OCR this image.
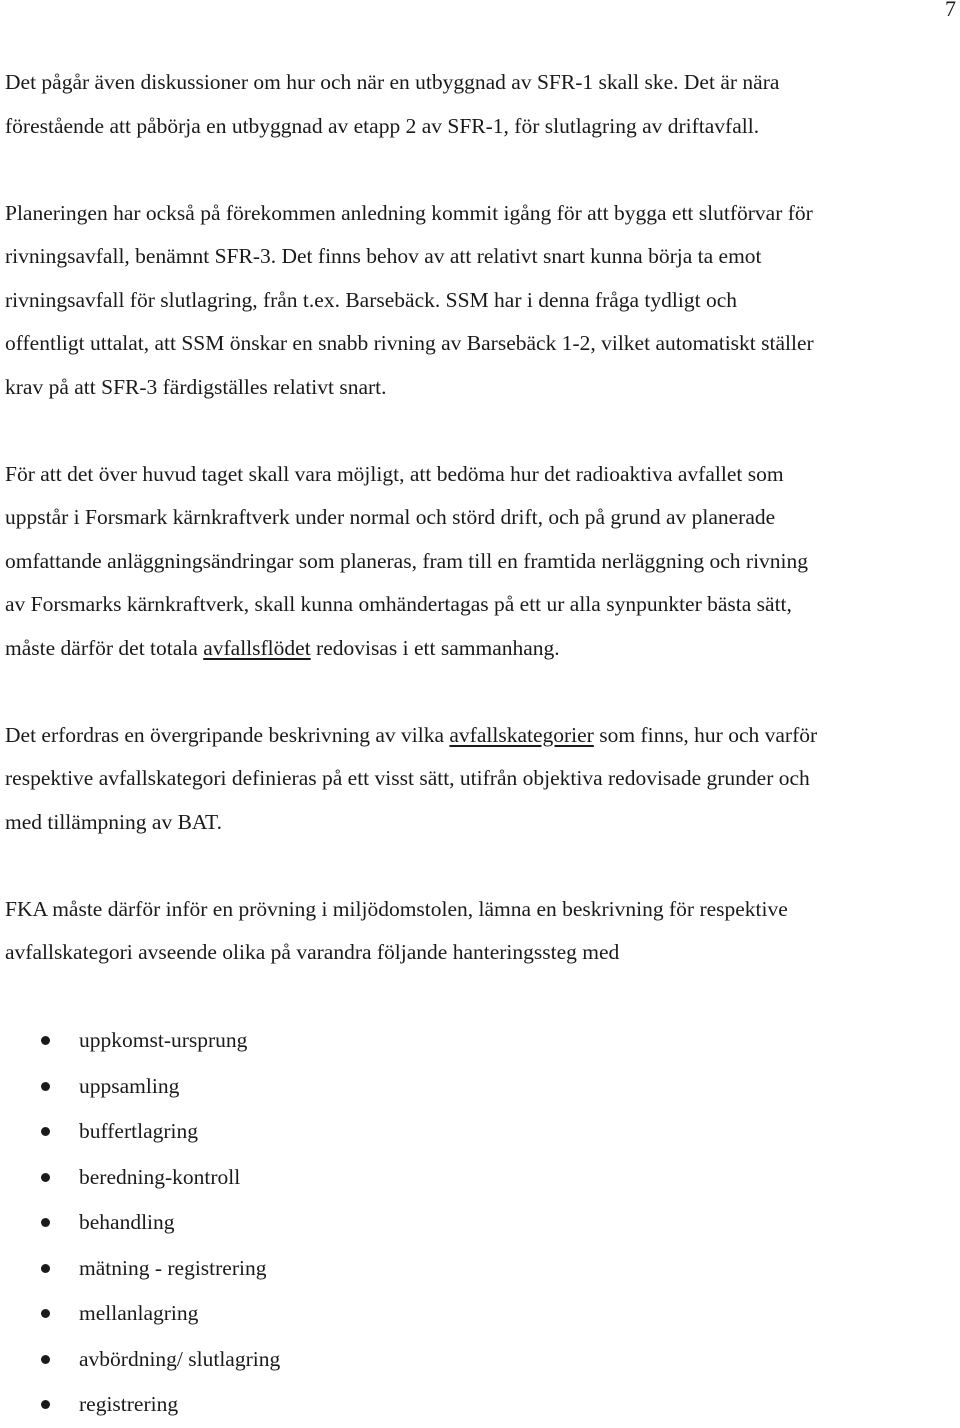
7

Det pågår även diskussioner om hur och när en utbyggnad av SFR-1 skall ske. Det är nära
förestående att påbörja en utbyggnad av etapp 2 av SFR-1, för slutlagring av driftavfall.

Planeringen har också på förekommen anledning kommit igång för att bygga ett slutförvar för
rivningsavfall, benämnt SFR-3. Det finns behov av att relativt snart kunna börja ta emot
rivningsavfall för slutlagring, från t.ex. Barsebäck. SSM har i denna fråga tydligt och
offentligt uttalat, att SSM önskar en snabb rivning av Barsebäck 1-2, vilket automatiskt ställer
krav på att SFR-3 färdigställes relativt snart.

För att det över huvud taget skall vara möjligt, att bedöma hur det radioaktiva avfallet som
uppstår i Forsmark kärnkraftverk under normal och störd drift, och på grund av planerade
omfattande anläggningsändringar som planeras, fram till en framtida nerläggning och rivning
av Forsmarks kärnkraftverk, skall kunna omhändertagas på ett ur alla synpunkter bästa sätt,
måste därför det totala avfallsflödet redovisas i ett sammanhang.

Det erfordras en övergripande beskrivning av vilka avfallskategorier som finns, hur och varför
respektive avfallskategori definieras på ett visst sätt, utifrån objektiva redovisade grunder och
med tillämpning av BAT.

FKA måste därför inför en prövning i miljödomstolen, lämna en beskrivning för respektive
avfallskategori avseende olika på varandra följande hanteringssteg med

uppkomst-ursprung
uppsamling
buffertlagring
beredning-kontroll
behandling
mätning - registrering
mellanlagring
avbördning/ slutlagring
registrering
